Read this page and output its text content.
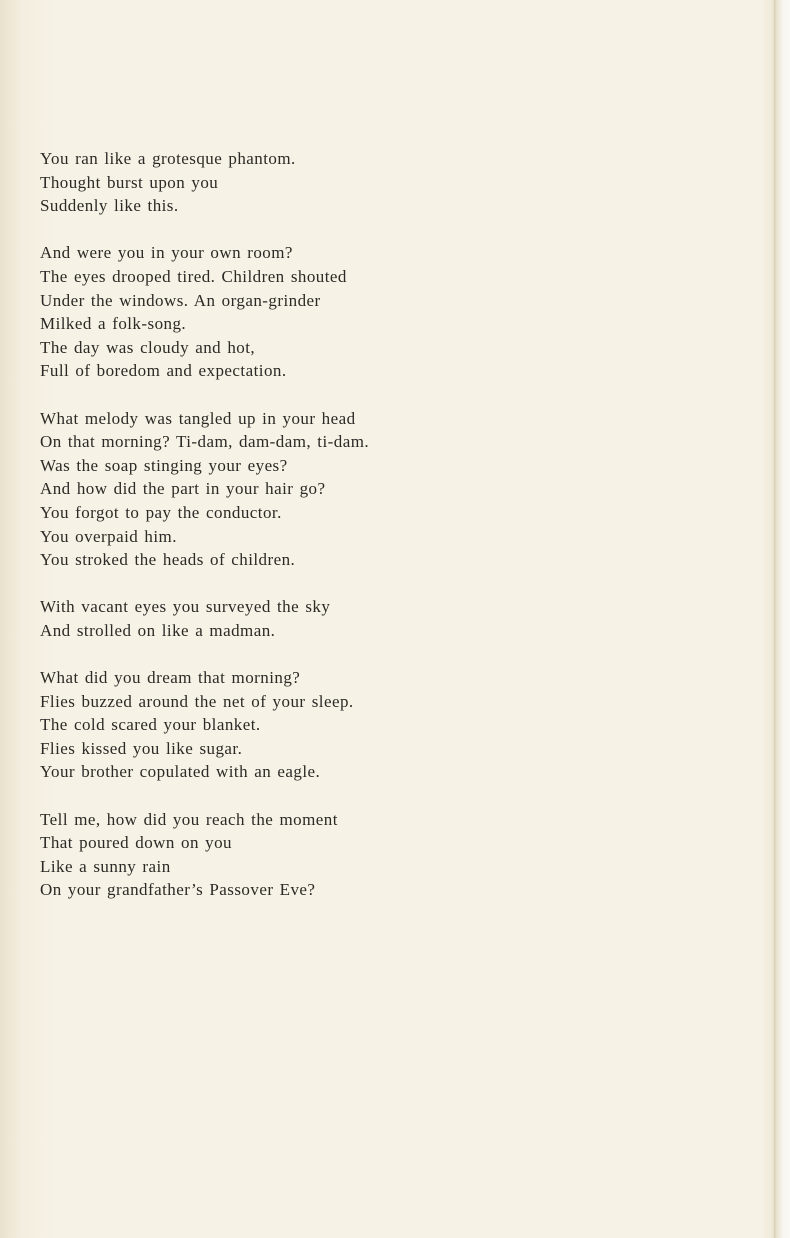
You ran like a grotesque phantom.
Thought burst upon you
Suddenly like this.
And were you in your own room?
The eyes drooped tired. Children shouted
Under the windows. An organ-grinder
Milked a folk-song.
The day was cloudy and hot,
Full of boredom and expectation.
What melody was tangled up in your head
On that morning? Ti-dam, dam-dam, ti-dam.
Was the soap stinging your eyes?
And how did the part in your hair go?
You forgot to pay the conductor.
You overpaid him.
You stroked the heads of children.
With vacant eyes you surveyed the sky
And strolled on like a madman.
What did you dream that morning?
Flies buzzed around the net of your sleep.
The cold scared your blanket.
Flies kissed you like sugar.
Your brother copulated with an eagle.
Tell me, how did you reach the moment
That poured down on you
Like a sunny rain
On your grandfather’s Passover Eve?
